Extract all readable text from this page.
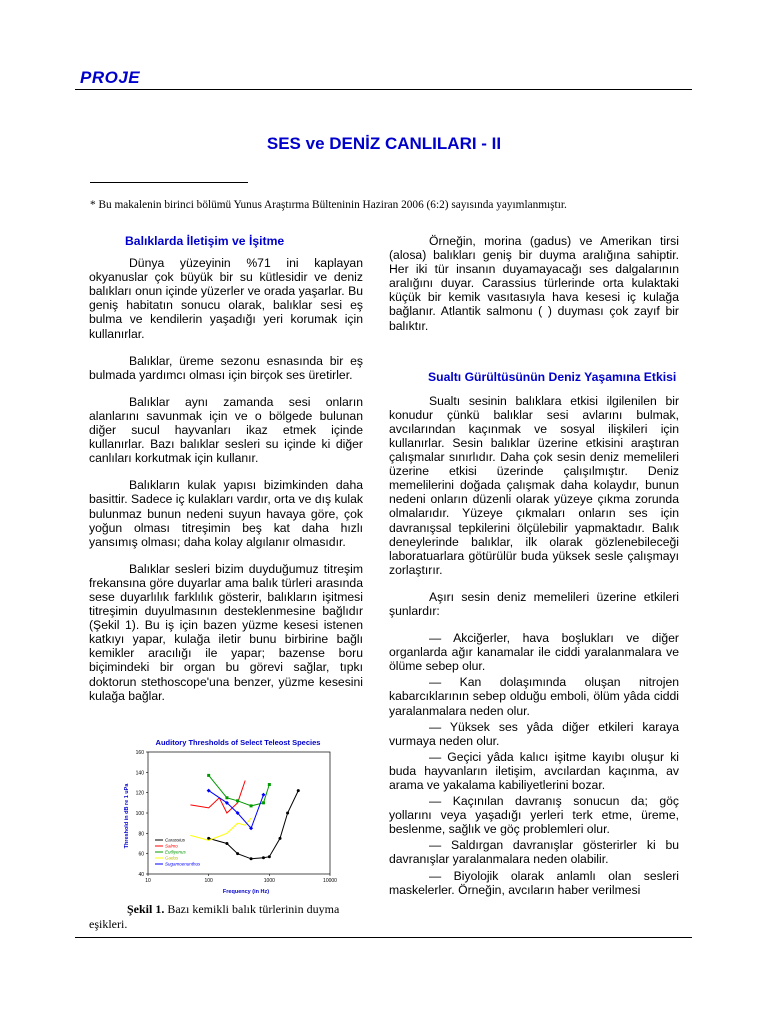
PROJE
SES ve DENİZ CANLILARI - II
* Bu makalenin birinci bölümü Yunus Araştırma Bülteninin Haziran 2006 (6:2) sayısında yayımlanmıştır.
Balıklarda İletişim ve İşitme

Dünya yüzeyinin %71 ini kaplayan okyanuslar çok büyük bir su kütlesidir ve deniz balıkları onun içinde yüzerler ve orada yaşarlar. Bu geniş habitatın sonucu olarak, balıklar sesi eş bulma ve kendilerin yaşadığı yeri korumak için kullanırlar.

Balıklar, üreme sezonu esnasında bir eş bulmada yardımcı olması için birçok ses üretirler.

Balıklar aynı zamanda sesi onların alanlarını savunmak için ve o bölgede bulunan diğer sucul hayvanları ikaz etmek içinde kullanırlar. Bazı balıklar sesleri su içinde ki diğer canlıları korkutmak için kullanır.

Balıkların kulak yapısı bizimkinden daha basittir. Sadece iç kulakları vardır, orta ve dış kulak bulunmaz bunun nedeni suyun havaya göre, çok yoğun olması titreşimin beş kat daha hızlı yansımış olması; daha kolay algılanır olmasıdır.

Balıklar sesleri bizim duyduğumuz titreşim frekansına göre duyarlar ama balık türleri arasında sese duyarlılık farklılık gösterir, balıkların işitmesi titreşimin duyulmasının desteklenmesine bağlıdır (Şekil 1). Bu iş için bazen yüzme kesesi istenen katkıyı yapar, kulağa iletir bunu birbirine bağlı kemikler aracılığı ile yapar; bazense boru biçimindeki bir organ bu görevi sağlar, tıpkı doktorun stethoscope'una benzer, yüzme kesesini kulağa bağlar.

Auditory Thresholds of Select Teleost Species
Threshold in dB re 1 uPa
Frequency (in Hz)
40
60
80
100
120
140
160
10	100	1000	10000
Carassius
Salmo
Eutliyenus
Gadus
Sugamoenunthus
Şekil 1. Bazı kemikli balık türlerinin duyma eşikleri.

Örneğin, morina (gadus) ve Amerikan tirsi (alosa) balıkları geniş bir duyma aralığına sahiptir. Her iki tür insanın duyamayacağı ses dalgalarının aralığını duyar. Carassius türlerinde orta kulaktaki küçük bir kemik vasıtasıyla hava kesesi iç kulağa bağlanır. Atlantik salmonu ( ) duyması çok zayıf bir balıktır.

Sualtı Gürültüsünün Deniz Yaşamına Etkisi

Sualtı sesinin balıklara etkisi ilgilenilen bir konudur çünkü balıklar sesi avlarını bulmak, avcılarından kaçınmak ve sosyal ilişkileri için kullanırlar. Sesin balıklar üzerine etkisini araştıran çalışmalar sınırlıdır. Daha çok sesin deniz memelileri üzerine etkisi üzerinde çalışılmıştır. Deniz memelilerini doğada çalışmak daha kolaydır, bunun nedeni onların düzenli olarak yüzeye çıkma zorunda olmalarıdır. Yüzeye çıkmaları onların ses için davranışsal tepkilerini ölçülebilir yapmaktadır. Balık deneylerinde balıklar, ilk olarak gözlenebileceği laboratuarlara götürülür buda yüksek sesle çalışmayı zorlaştırır.

Aşırı sesin deniz memelileri üzerine etkileri şunlardır:

— Akciğerler, hava boşlukları ve diğer organlarda ağır kanamalar ile ciddi yaralanmalara ve ölüme sebep olur.

— Kan dolaşımında oluşan nitrojen kabarcıklarının sebep olduğu emboli, ölüm yâda ciddi yaralanmalara neden olur.

— Yüksek ses yâda diğer etkileri karaya vurmaya neden olur.

— Geçici yâda kalıcı işitme kayıbı oluşur ki buda hayvanların iletişim, avcılardan kaçınma, av arama ve yakalama kabiliyetlerini bozar.

— Kaçınılan davranış sonucun da; göç yollarını veya yaşadığı yerleri terk etme, üreme, beslenme, sağlık ve göç problemleri olur.

— Saldırgan davranışlar gösterirler ki bu davranışlar yaralanmalara neden olabilir.

— Biyolojik olarak anlamlı olan sesleri maskelerler. Örneğin, avcıların haber verilmesi
